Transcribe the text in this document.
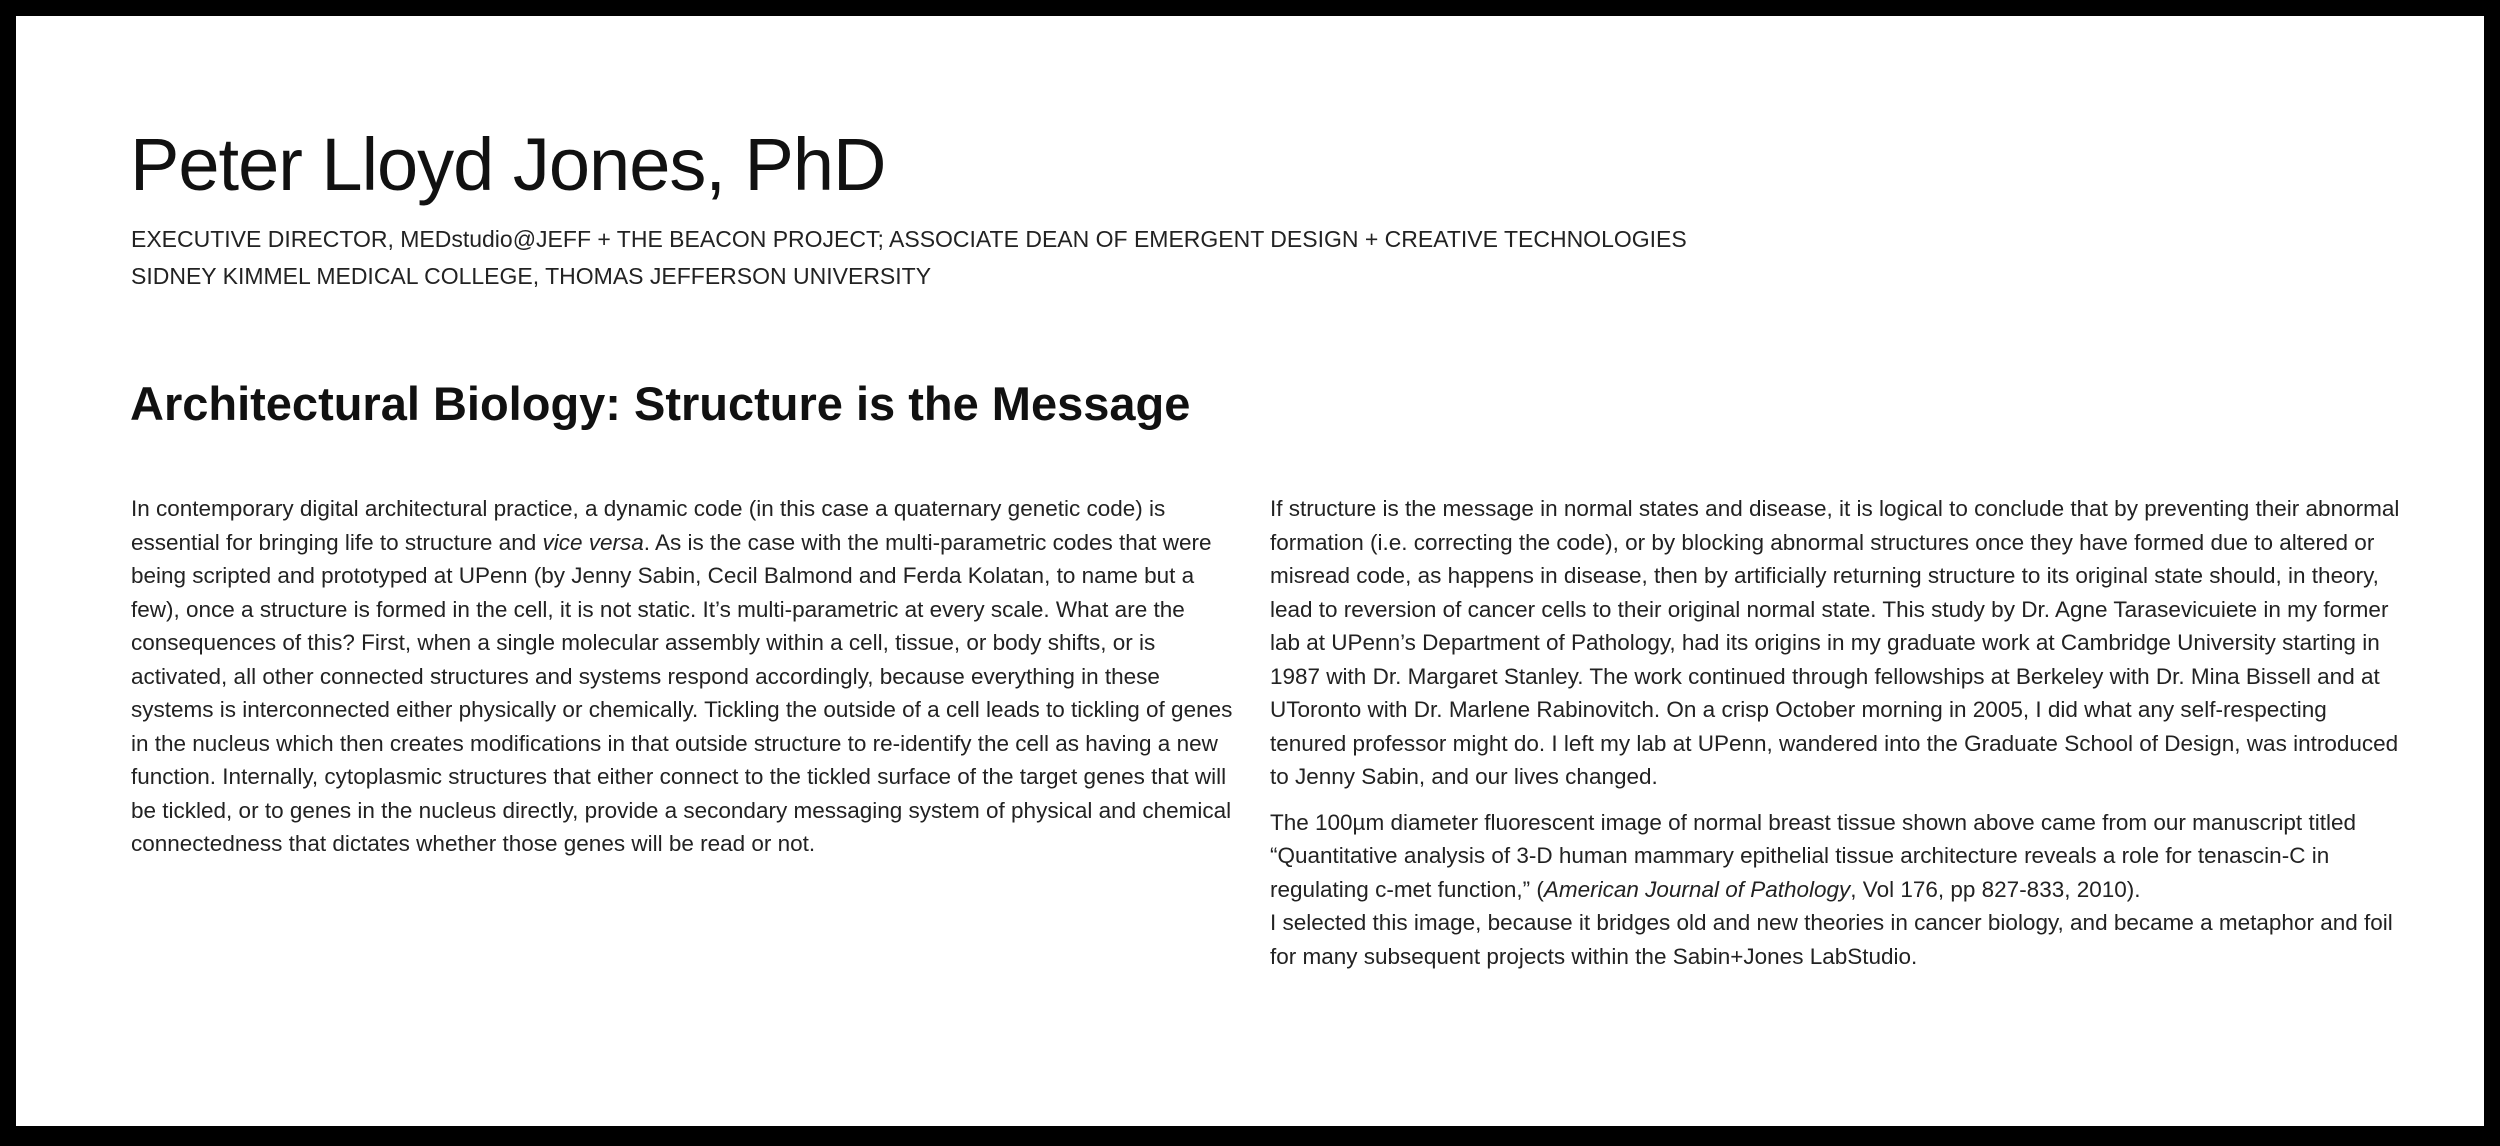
Peter Lloyd Jones, PhD
EXECUTIVE DIRECTOR, MEDstudio@JEFF + THE BEACON PROJECT; ASSOCIATE DEAN OF EMERGENT DESIGN + CREATIVE TECHNOLOGIES
SIDNEY KIMMEL MEDICAL COLLEGE, THOMAS JEFFERSON UNIVERSITY
Architectural Biology: Structure is the Message

In contemporary digital architectural practice, a dynamic code (in this case a quaternary genetic code) is essential for bringing life to structure and vice versa. As is the case with the multi-parametric codes that were being scripted and prototyped at UPenn (by Jenny Sabin, Cecil Balmond and Ferda Kolatan, to name but a few), once a structure is formed in the cell, it is not static. It’s multi-parametric at every scale. What are the consequences of this? First, when a single molecular assembly within a cell, tissue, or body shifts, or is activated, all other connected structures and systems respond accordingly, because everything in these systems is interconnected either physically or chemically. Tickling the outside of a cell leads to tickling of genes in the nucleus which then creates modifications in that outside structure to re-identify the cell as having a new function. Internally, cytoplasmic structures that either connect to the tickled surface of the target genes that will be tickled, or to genes in the nucleus directly, provide a secondary messaging system of physical and chemical connectedness that dictates whether those genes will be read or not.

If structure is the message in normal states and disease, it is logical to conclude that by preventing their abnormal formation (i.e. correcting the code), or by blocking abnormal structures once they have formed due to altered or misread code, as happens in disease, then by artificially returning structure to its original state should, in theory, lead to reversion of cancer cells to their original normal state. This study by Dr. Agne Tarasevicuiete in my former lab at UPenn’s Department of Pathology, had its origins in my graduate work at Cambridge University starting in 1987 with Dr. Margaret Stanley. The work continued through fellowships at Berkeley with Dr. Mina Bissell and at UToronto with Dr. Marlene Rabinovitch. On a crisp October morning in 2005, I did what any self-respecting tenured professor might do. I left my lab at UPenn, wandered into the Graduate School of Design, was introduced to Jenny Sabin, and our lives changed.

The 100µm diameter fluorescent image of normal breast tissue shown above came from our manuscript titled “Quantitative analysis of 3-D human mammary epithelial tissue architecture reveals a role for tenascin-C in regulating c-met function,” (American Journal of Pathology, Vol 176, pp 827-833, 2010).
I selected this image, because it bridges old and new theories in cancer biology, and became a metaphor and foil for many subsequent projects within the Sabin+Jones LabStudio.
